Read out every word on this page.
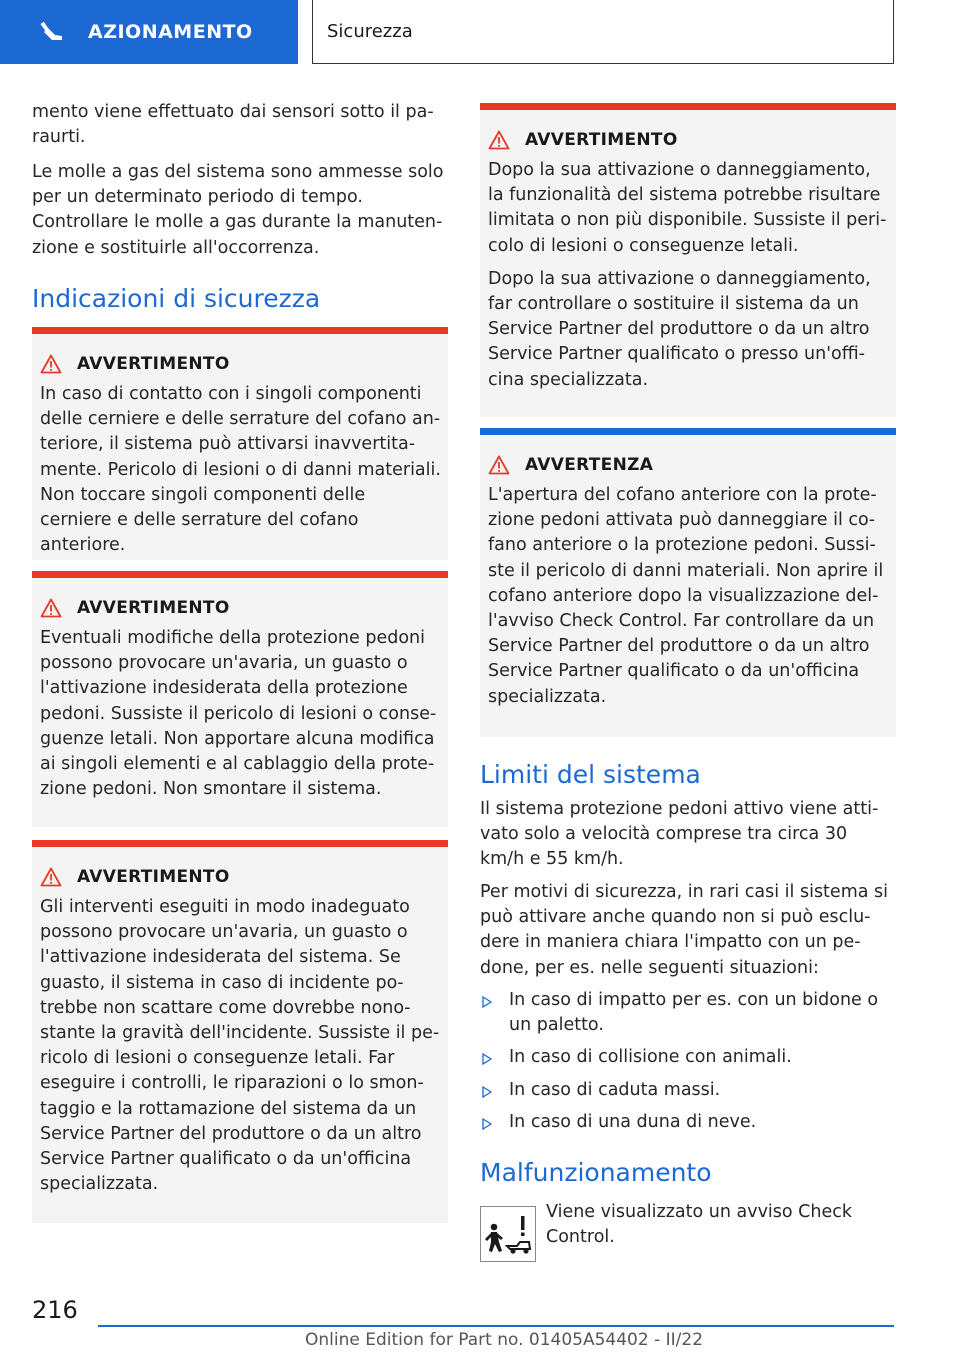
AZIONAMENTO	Sicurezza

mento viene effettuato dai sensori sotto il paraurti.

Le molle a gas del sistema sono ammesse solo per un determinato periodo di tempo. Controllare le molle a gas durante la manutenzione e sostituirle all'occorrenza.

Indicazioni di sicurezza
AVVERTIMENTO

In caso di contatto con i singoli componenti delle cerniere e delle serrature del cofano anteriore, il sistema può attivarsi inavvertitamente. Pericolo di lesioni o di danni materiali. Non toccare singoli componenti delle cerniere e delle serrature del cofano anteriore.

AVVERTIMENTO

Eventuali modifiche della protezione pedoni possono provocare un'avaria, un guasto o l'attivazione indesiderata della protezione pedoni. Sussiste il pericolo di lesioni o conseguenze letali. Non apportare alcuna modifica ai singoli elementi e al cablaggio della protezione pedoni. Non smontare il sistema.

AVVERTIMENTO

Gli interventi eseguiti in modo inadeguato possono provocare un'avaria, un guasto o l'attivazione indesiderata del sistema. Se guasto, il sistema in caso di incidente potrebbe non scattare come dovrebbe nonostante la gravità dell'incidente. Sussiste il pericolo di lesioni o conseguenze letali. Far eseguire i controlli, le riparazioni o lo smontaggio e la rottamazione del sistema da un Service Partner del produttore o da un altro Service Partner qualificato o da un'officina specializzata.

AVVERTIMENTO

Dopo la sua attivazione o danneggiamento, la funzionalità del sistema potrebbe risultare limitata o non più disponibile. Sussiste il pericolo di lesioni o conseguenze letali.

Dopo la sua attivazione o danneggiamento, far controllare o sostituire il sistema da un Service Partner del produttore o da un altro Service Partner qualificato o presso un'officina specializzata.

AVVERTENZA

L'apertura del cofano anteriore con la protezione pedoni attivata può danneggiare il cofano anteriore o la protezione pedoni. Sussiste il pericolo di danni materiali. Non aprire il cofano anteriore dopo la visualizzazione dell'avviso Check Control. Far controllare da un Service Partner del produttore o da un altro Service Partner qualificato o da un'officina specializzata.

Limiti del sistema

Il sistema protezione pedoni attivo viene attivato solo a velocità comprese tra circa 30 km/h e 55 km/h.

Per motivi di sicurezza, in rari casi il sistema si può attivare anche quando non si può escludere in maniera chiara l'impatto con un pedone, per es. nelle seguenti situazioni:

In caso di impatto per es. con un bidone o un paletto.
In caso di collisione con animali.
In caso di caduta massi.
In caso di una duna di neve.
Malfunzionamento

Viene visualizzato un avviso Check Control.

216
Online Edition for Part no. 01405A54402 - II/22
